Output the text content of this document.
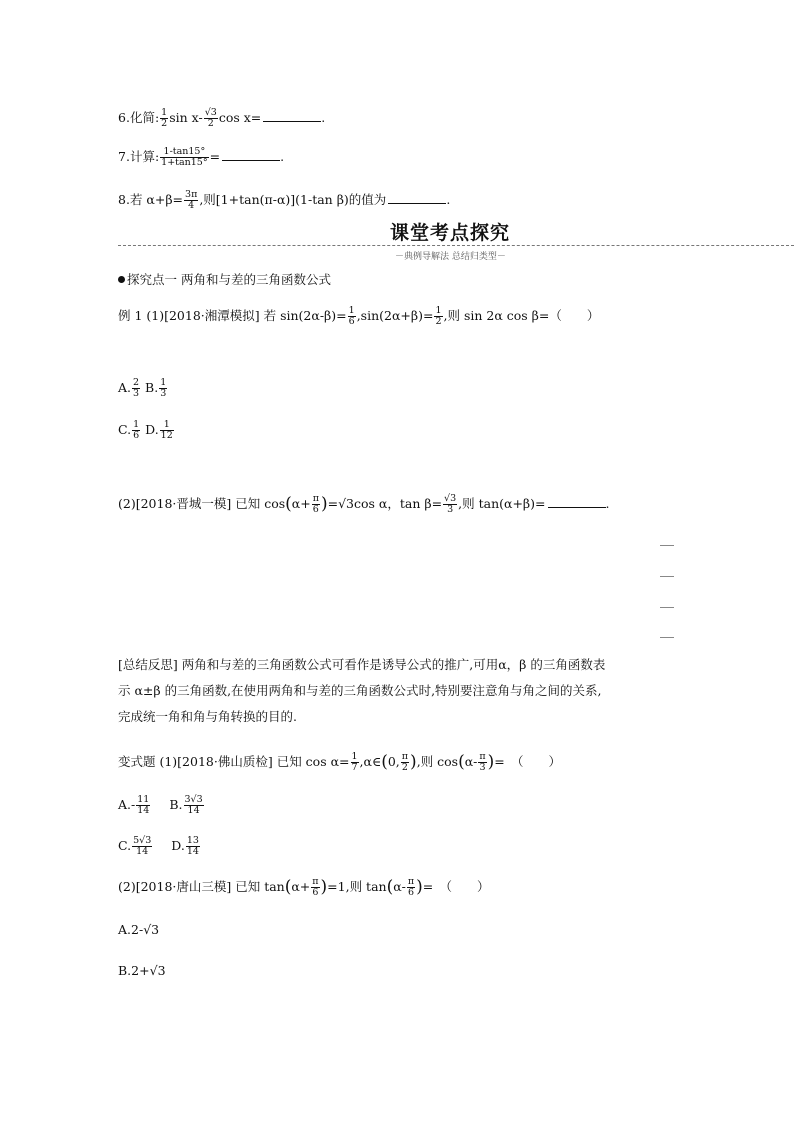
6.化简: $\frac{1}{2}$ $\sin x- \frac{√3}{2}$ cos x=	.
7.计算: $\frac{1-\tan 15^\circ}{1+\tan 15^\circ}$ =	.
8.若 $\alpha+\beta= \frac{3\pi}{4}$ ,则[1+tan(π-α)](1-tan β)的值为	.
课堂考点探究
－典例导解法 总结归类型－
探究点一 两角和与差的三角函数公式
例 1 (1)[2018·湘潭模拟] 若 $\sin(2\alpha-\beta)= \frac{1}{6} ,\sin(2\alpha+\beta)= \frac{1}{2}$ ,则 sin 2α cos β=（　　）
A. $\frac{2}{3} B$. $\frac{1}{3}$
C. $\frac{1}{6} D$. $\frac{1}{12}$
(2)[2018·晋城一模] 已知 $\cos(\alpha+ \frac{\pi}{6} )=√3\cos$ α，$\tan \beta= \frac{√3}{3}$ ,则 tan(α+β)=	.
[总结反思] 两角和与差的三角函数公式可看作是诱导公式的推广,可用α，β 的三角函数表
示 α±β 的三角函数,在使用两角和与差的三角函数公式时,特别要注意角与角之间的关系,
完成统一角和角与角转换的目的.
变式题 (1)[2018·佛山质检] 已知 $\cos \alpha= \frac{1}{7}$ ,α∈(0, $\frac{\pi}{2}$ ),则 $\cos(\alpha- \frac{\pi}{3}$ )=　（　　）
$A.- \frac{11}{14} B$. $\frac{3√3}{14}$
C. $\frac{5√3}{14} D$. $\frac{13}{14}$
(2)[2018·唐山三模] 已知 $\tan(\alpha+ \frac{\pi}{6} )=1$,则 $\tan(\alpha- \frac{\pi}{6}$ )=　（　　）
A.2-√3
B.2+√3
